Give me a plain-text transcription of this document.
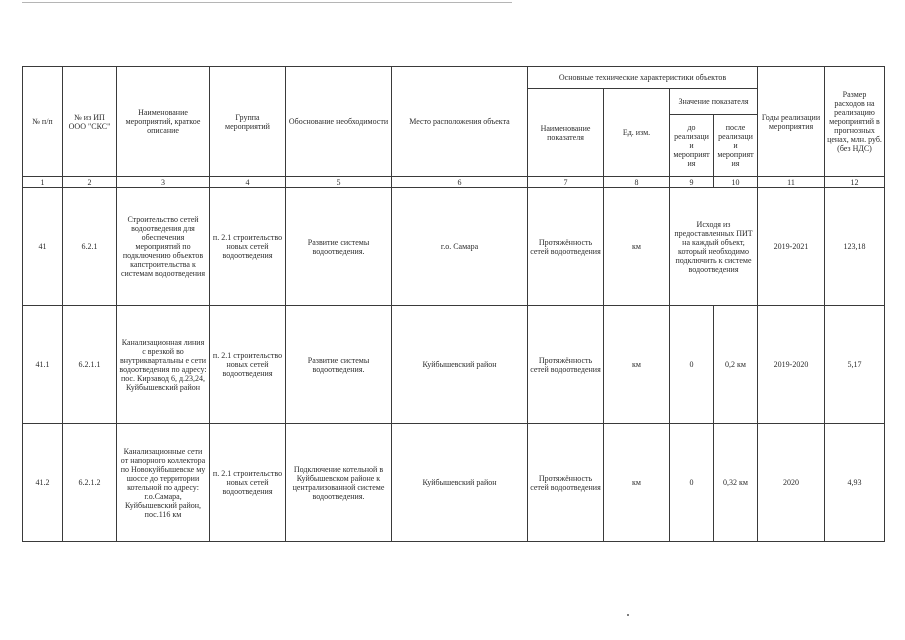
№ п/п	№ из ИП ООО "СКС"	Наименование мероприятий, краткое описание	Группа мероприятий	Обоснование необходимости	Место расположения объекта	Основные технические характеристики объектов				Годы реализации мероприятия	Размер расходов на реализацию мероприятий в прогнозных ценах, млн. руб. (без НДС)
						Наименование показателя	Ед. изм.	Значение показателя			
								до реализации мероприятия	после реализации мероприятия		
1	2	3	4	5	6	7	8	9	10	11	12
41	6.2.1	Строительство сетей водоотведения для обеспечения мероприятий по подключению объектов капстроительства к системам водоотведения	п. 2.1 строительство новых сетей водоотведения	Развитие системы водоотведения.	г.о. Самара	Протяжённость сетей водоотведения	км	Исходя из предоставленных ПИТ на каждый объект, который необходимо подключить к системе водоотведения		2019-2021	123,18
41.1	6.2.1.1	Канализационная линия с врезкой во внутриквартальны е сети водоотведения по адресу: пос. Кирзавод 6, д.23,24, Куйбышевский район	п. 2.1 строительство новых сетей водоотведения	Развитие системы водоотведения.	Куйбышевский район	Протяжённость сетей водоотведения	км	0	0,2 км	2019-2020	5,17
41.2	6.2.1.2	Канализационные сети от напорного коллектора по Новокуйбышевске му шоссе до территории котельной по адресу: г.о.Самара, Куйбышевский район, пос.116 км	п. 2.1 строительство новых сетей водоотведения	Подключение котельной в Куйбышевском районе к централизованной системе водоотведения.	Куйбышевский район	Протяжённость сетей водоотведения	км	0	0,32 км	2020	4,93
